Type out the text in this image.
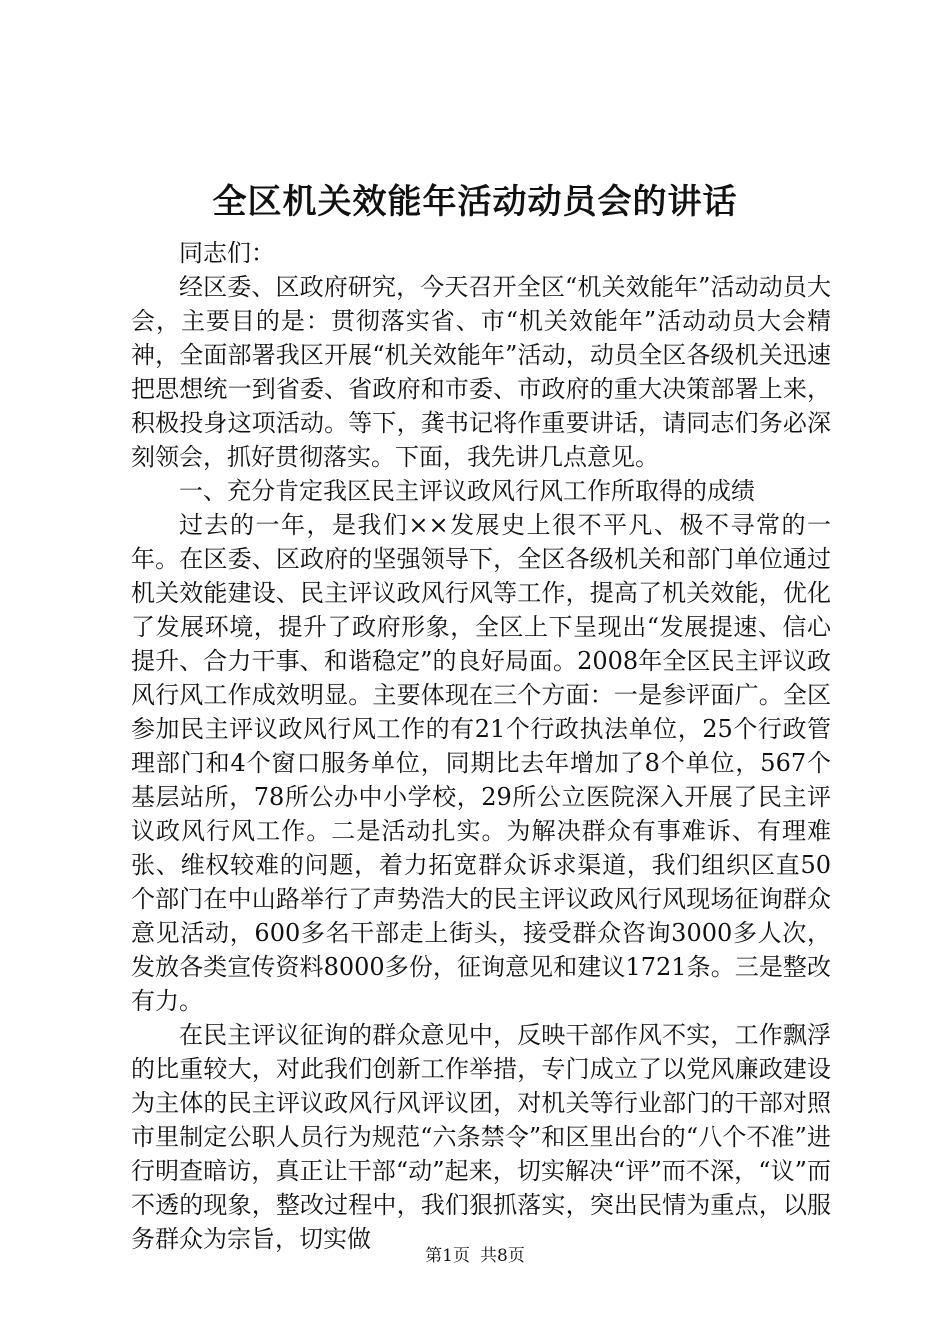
全区机关效能年活动动员会的讲话

同志们：

经区委、区政府研究，今天召开全区“机关效能年”活动动员大会，主要目的是：贯彻落实省、市“机关效能年”活动动员大会精神，全面部署我区开展“机关效能年”活动，动员全区各级机关迅速把思想统一到省委、省政府和市委、市政府的重大决策部署上来，积极投身这项活动。等下，龚书记将作重要讲话，请同志们务必深刻领会，抓好贯彻落实。下面，我先讲几点意见。

一、充分肯定我区民主评议政风行风工作所取得的成绩

过去的一年，是我们××发展史上很不平凡、极不寻常的一年。在区委、区政府的坚强领导下，全区各级机关和部门单位通过机关效能建设、民主评议政风行风等工作，提高了机关效能，优化了发展环境，提升了政府形象，全区上下呈现出“发展提速、信心提升、合力干事、和谐稳定”的良好局面。2008年全区民主评议政风行风工作成效明显。主要体现在三个方面：一是参评面广。全区参加民主评议政风行风工作的有21个行政执法单位，25个行政管理部门和4个窗口服务单位，同期比去年增加了8个单位，567个基层站所，78所公办中小学校，29所公立医院深入开展了民主评议政风行风工作。二是活动扎实。为解决群众有事难诉、有理难张、维权较难的问题，着力拓宽群众诉求渠道，我们组织区直50个部门在中山路举行了声势浩大的民主评议政风行风现场征询群众意见活动，600多名干部走上街头，接受群众咨询3000多人次，发放各类宣传资料8000多份，征询意见和建议1721条。三是整改有力。

在民主评议征询的群众意见中，反映干部作风不实，工作飘浮的比重较大，对此我们创新工作举措，专门成立了以党风廉政建设为主体的民主评议政风行风评议团，对机关等行业部门的干部对照市里制定公职人员行为规范“六条禁令”和区里出台的“八个不准”进行明查暗访，真正让干部“动”起来，切实解决“评”而不深，“议”而不透的现象，整改过程中，我们狠抓落实，突出民情为重点，以服务群众为宗旨，切实做

第1页 共8页
